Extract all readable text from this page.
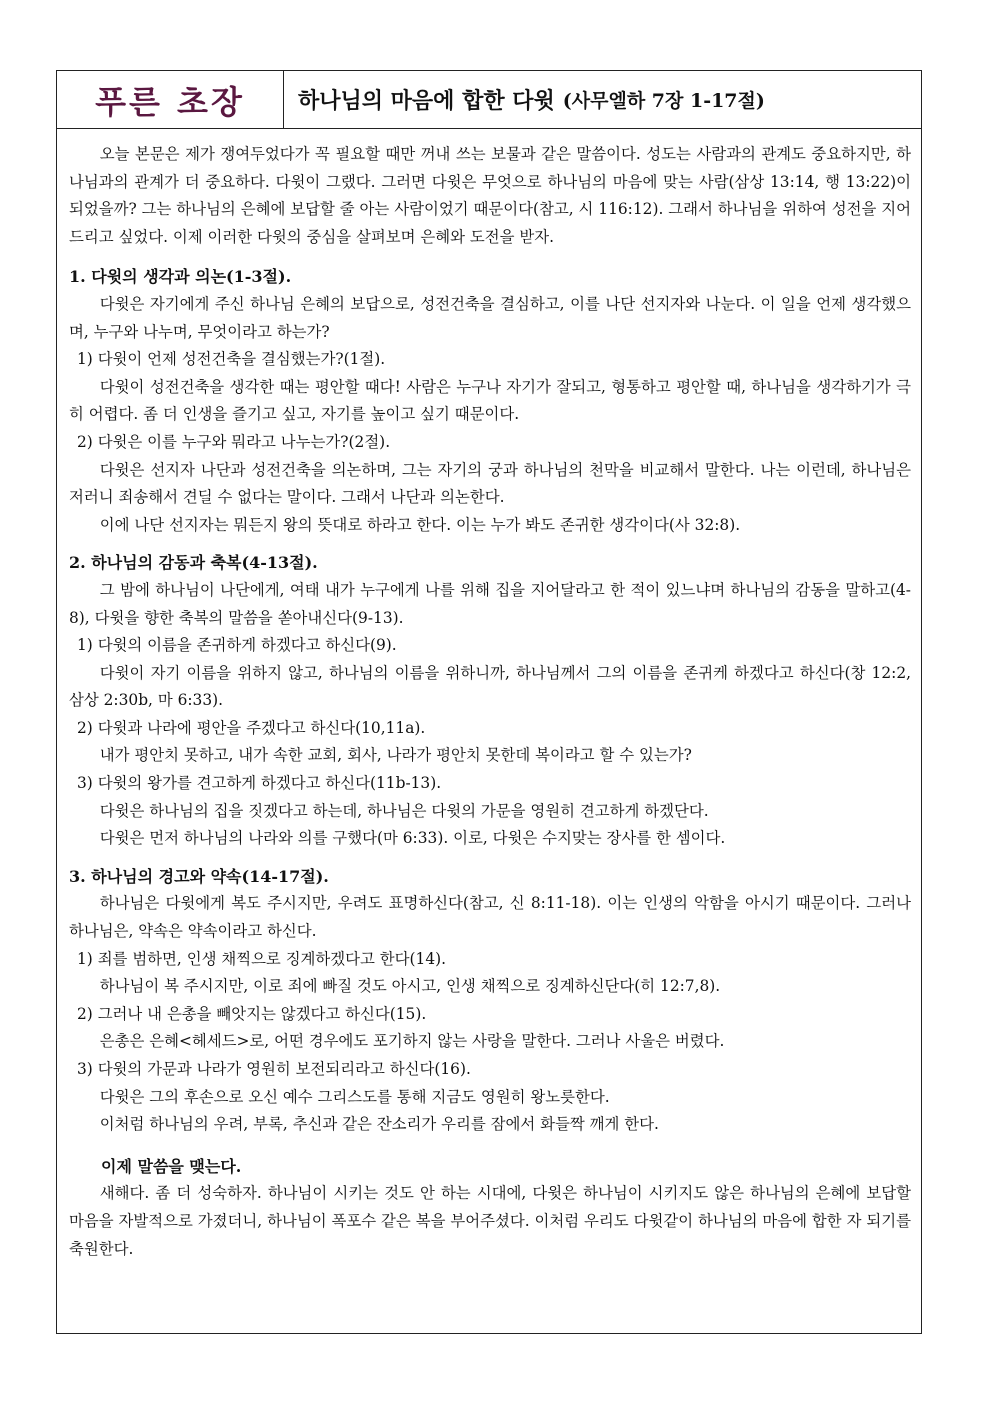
푸른 초장 하나님의 마음에 합한 다윗 (사무엘하 7장 1-17절)

오늘 본문은 제가 쟁여두었다가 꼭 필요할 때만 꺼내 쓰는 보물과 같은 말씀이다. 성도는 사람과의 관계도 중요하지만, 하나님과의 관계가 더 중요하다. 다윗이 그랬다. 그러면 다윗은 무엇으로 하나님의 마음에 맞는 사람(삼상 13:14, 행 13:22)이 되었을까? 그는 하나님의 은혜에 보답할 줄 아는 사람이었기 때문이다(참고, 시 116:12). 그래서 하나님을 위하여 성전을 지어 드리고 싶었다. 이제 이러한 다윗의 중심을 살펴보며 은혜와 도전을 받자.

1. 다윗의 생각과 의논(1-3절).

다윗은 자기에게 주신 하나님 은혜의 보답으로, 성전건축을 결심하고, 이를 나단 선지자와 나눈다. 이 일을 언제 생각했으며, 누구와 나누며, 무엇이라고 하는가?

1) 다윗이 언제 성전건축을 결심했는가?(1절).

다윗이 성전건축을 생각한 때는 평안할 때다! 사람은 누구나 자기가 잘되고, 형통하고 평안할 때, 하나님을 생각하기가 극히 어렵다. 좀 더 인생을 즐기고 싶고, 자기를 높이고 싶기 때문이다.

2) 다윗은 이를 누구와 뭐라고 나누는가?(2절).

다윗은 선지자 나단과 성전건축을 의논하며, 그는 자기의 궁과 하나님의 천막을 비교해서 말한다. 나는 이런데, 하나님은 저러니 죄송해서 견딜 수 없다는 말이다. 그래서 나단과 의논한다.

이에 나단 선지자는 뭐든지 왕의 뜻대로 하라고 한다. 이는 누가 봐도 존귀한 생각이다(사 32:8).

2. 하나님의 감동과 축복(4-13절).

그 밤에 하나님이 나단에게, 여태 내가 누구에게 나를 위해 집을 지어달라고 한 적이 있느냐며 하나님의 감동을 말하고(4-8), 다윗을 향한 축복의 말씀을 쏟아내신다(9-13).

1) 다윗의 이름을 존귀하게 하겠다고 하신다(9).

다윗이 자기 이름을 위하지 않고, 하나님의 이름을 위하니까, 하나님께서 그의 이름을 존귀케 하겠다고 하신다(창 12:2, 삼상 2:30b, 마 6:33).

2) 다윗과 나라에 평안을 주겠다고 하신다(10,11a).

내가 평안치 못하고, 내가 속한 교회, 회사, 나라가 평안치 못한데 복이라고 할 수 있는가?

3) 다윗의 왕가를 견고하게 하겠다고 하신다(11b-13).

다윗은 하나님의 집을 짓겠다고 하는데, 하나님은 다윗의 가문을 영원히 견고하게 하겠단다.

다윗은 먼저 하나님의 나라와 의를 구했다(마 6:33). 이로, 다윗은 수지맞는 장사를 한 셈이다.

3. 하나님의 경고와 약속(14-17절).

하나님은 다윗에게 복도 주시지만, 우려도 표명하신다(참고, 신 8:11-18). 이는 인생의 악함을 아시기 때문이다. 그러나 하나님은, 약속은 약속이라고 하신다.

1) 죄를 범하면, 인생 채찍으로 징계하겠다고 한다(14).

하나님이 복 주시지만, 이로 죄에 빠질 것도 아시고, 인생 채찍으로 징계하신단다(히 12:7,8).

2) 그러나 내 은총을 빼앗지는 않겠다고 하신다(15).

은총은 은혜<헤세드>로, 어떤 경우에도 포기하지 않는 사랑을 말한다. 그러나 사울은 버렸다.

3) 다윗의 가문과 나라가 영원히 보전되리라고 하신다(16).

다윗은 그의 후손으로 오신 예수 그리스도를 통해 지금도 영원히 왕노릇한다.

이처럼 하나님의 우려, 부록, 추신과 같은 잔소리가 우리를 잠에서 화들짝 깨게 한다.

이제 말씀을 맺는다.

새해다. 좀 더 성숙하자. 하나님이 시키는 것도 안 하는 시대에, 다윗은 하나님이 시키지도 않은 하나님의 은혜에 보답할 마음을 자발적으로 가졌더니, 하나님이 폭포수 같은 복을 부어주셨다. 이처럼 우리도 다윗같이 하나님의 마음에 합한 자 되기를 축원한다.
